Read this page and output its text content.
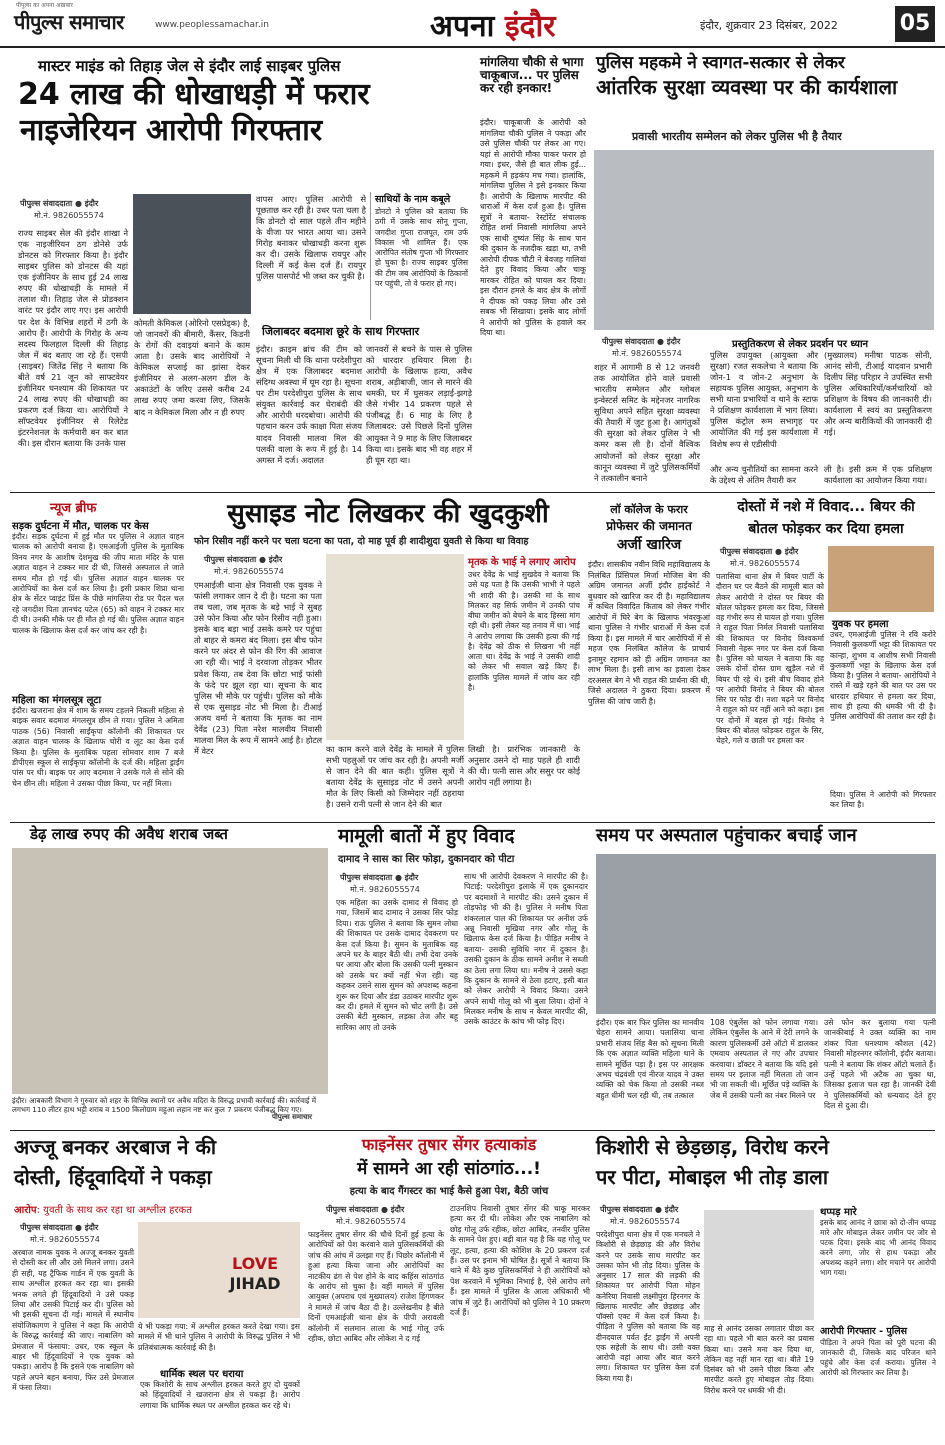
पीपुल्स का अपना अख़बार
पीपुल्स समाचार	www.peoplessamachar.in	अपना इंदौर	इंदौर, शुक्रवार 23 दिसंबर, 2022	05
मास्टर माइंड को तिहाड़ जेल से इंदौर लाई साइबर पुलिस
24 लाख की धोखाधड़ी में फरार
नाइजेरियन आरोपी गिरफ्तार
पीपुल्स संवाददाता ● इंदौर
मो.नं. 9826055574
राज्य साइबर सेल की इंदौर शाखा ने एक नाइजीरियन ठग डोनेसे उर्फ डोनटस को गिरफ्तार किया है। इंदौर साइबर पुलिस को डोनटस की यहां एक इंजीनियर के साथ हुई 24 लाख रुपए की धोखाधड़ी के मामले में तलाश थी। तिहाड़ जेल से प्रोडक्शन वारंट पर इंदौर लाए गए। इस आरोपी पर देश के विभिन्न शहरों में ठगी के आरोप हैं। आरोपी के गिरोह के अन्य सदस्य फिलहाल दिल्ली की तिहाड़ जेल में बंद बताए जा रहे हैं। एसपी (साइबर) जितेंद्र सिंह ने बताया कि बीते वर्ष 21 जून को साफ्टवेयर इंजीनियर घनश्याम की शिकायत पर 24 लाख रुपए की धोखाधड़ी का प्रकरण दर्ज किया था। आरोपियों ने सॉफ्टवेयर इंजीनियर से रिलेटेड इंटरनेशनल के कर्मचारी बन कर बात की। इस दौरान बताया कि उनके पास
कोमती केमिकल (ओरिनो एसप्रेड्क) है, जो जानवरों की बीमारी, कैंसर, किडनी के रोगों की दवाइयां बनाने के काम आता है। उसके बाद आरोपियों ने केमिकल सप्लाई का झांसा देकर इंजीनियर से अलग-अलग डील के अकाउंटों के जरिए उससे करीब 24 लाख रुपए जमा करवा लिए, जिसके बाद न केमिकल मिला और न ही रुपए
वापस आए। पुलिस आरोपी से पूछताछ कर रही है। उधर पता चला है कि डोनटो दो साल पहले तीन महीने के वीजा पर भारत आया था। उसने गिरोह बनाकर धोखाधड़ी करना शुरू कर दी। उसके खिलाफ रायपुर और दिल्ली में कई केस दर्ज हैं। रायपुर पुलिस पासपोर्ट भी जब्त कर चुकी है।
साथियों के नाम कबूले
डोनटो ने पुलिस को बताया कि ठगी में उसके साथ सोनू गुप्ता, जगदीश गुप्ता राजपूत, राम उर्फ विकास भी शामिल हैं। एक आरोपित संतोष गुप्ता भी गिरफ्तार हो चुका है। राज्य साइबर पुलिस की टीम जब आरोपियों के ठिकानों पर पहुंची, तो वे फरार हो गए।
जिलाबदर बदमाश छूरे के साथ गिरफ्तार
इंदौर। क्राइम ब्रांच की टीम को सूचना मिली थी कि थाना परदेशीपुरा क्षेत्र में एक जिलाबदर बदमाश संदिग्ध अवस्था में घूम रहा है। सूचना पर टीम परदेशीपुरा पुलिस के साथ संयुक्त कार्रवाई कर घेराबंदी की और आरोपी धरदबोचा। आरोपी की पहचान करन उर्फ काक्षा पिता संजय यादव निवासी मालवा मिल की पलकी वाला के रूप में हुई है। 14 अगस्त में दर्ज। अदालत
जानवरों से बचने के पास से पुलिस को धारदार हथियार मिला है। आरोपी के खिलाफ हत्या, अवैध शराब, अड़ीबाजी, जान से मारने की धमकी, घर में घुसकर लड़ाई-झगड़े जैसे गंभीर 14 प्रकरण पहले से पंजीबद्ध हैं। 6 माह के लिए है जिलाबदर: उसे पिछले दिनों पुलिस आयुक्त ने 9 माह के लिए जिलाबदर किया था। इसके बाद भी वह शहर में ही घूम रहा था।
मांगलिया चौकी से भागा चाकूबाज... पर पुलिस कर रही इनकार!
इंदौर। चाकूबाजी के आरोपी को मांगलिया चौकी पुलिस ने पकड़ा और उसे पुलिस चौकी पर लेकर आ गए। यहां से आरोपी मौका पाकर फरार हो गया। इधर, जैसे ही बात लीक हुई... महकमे में हड़कंप मच गया। हालांकि, मांगलिया पुलिस ने इसे इनकार किया है। आरोपी के खिलाफ मारपीट की धाराओं में केस दर्ज हुआ है। पुलिस सूत्रों ने बताया- रेस्टोरेंट संचालक रोहित शर्मा निवासी मांगलिया अपने एक साथी दुष्यंत सिंह के साथ पान की दुकान के नजदीक खड़ा था, तभी आरोपी दीपक चौटी ने बेवजह गालियां देते हुए विवाद किया और चाकू मारकर रोहित को घायल कर दिया। इस दौरान हमले के बाद क्षेत्र के लोगों ने दीपक को पकड़ लिया और उसे सबक भी सिखाया। इसके बाद लोगों ने आरोपी को पुलिस के हवाले कर दिया था।
पुलिस महकमे ने स्वागत-सत्कार से लेकर
आंतरिक सुरक्षा व्यवस्था पर की कार्यशाला
प्रवासी भारतीय सम्मेलन को लेकर पुलिस भी है तैयार
पीपुल्स संवाददाता ● इंदौर
मो.नं. 9826055574
शहर में आगामी 8 से 12 जनवरी तक आयोजित होने वाले प्रवासी भारतीय सम्मेलन और ग्लोबल इन्वेस्टर्स समिट के मद्देनजर नागरिक सुविधा अपने सहित सुरक्षा व्यवस्था की तैयारी में जुट हुआ है। आगंतुकों की सुरक्षा को लेकर पुलिस ने भी कमर कस ली है। दोनों वैश्विक आयोजनों को लेकर सुरक्षा और कानून व्यवस्था में जुटे पुलिसकर्मियों ने तत्कालीन बनाने
प्रस्तुतिकरण से लेकर प्रदर्शन पर ध्यान
पुलिस उपायुक्त (आयुक्ता और सुरक्षा) रजत सकलेचा ने बताया कि जोन-1 व जोन-2 अनुभाग के सहायक पुलिस आयुक्त, अनुभाग के सभी थाना प्रभारियों व थाने के स्टाफ ने प्रशिक्षण कार्यशाला में भाग लिया। पुलिस कंट्रोल रूम सभागृह पर आयोजित की गई इस कार्यशाला में विशेष रूप से एडीसीपी
(मुख्यालय) मनीषा पाठक सोनी, आनंद सोनी, टीआई यादवान प्रभारी दिलीप सिंह परिहार ने उपस्थित सभी पुलिस अधिकारियों/कर्मचारियों को प्रशिक्षण के विषय की जानकारी दी। कार्यशाला में स्वयं का प्रस्तुतिकरण और अन्य बारीकियों की जानकारी दी गई।
और अन्य चुनौतियों का सामना करने के उद्देश्य से अंतिम तैयारी कर
ली है। इसी क्रम में एक प्रशिक्षण कार्यशाला का आयोजन किया गया।
न्यूज ब्रीफ
सड़क दुर्घटना में मौत, चालक पर केस
इंदौर। सड़क दुर्घटना में हुई मौत पर पुलिस ने अज्ञात वाहन चालक को आरोपी बनाया है। एमआईजी पुलिस के मुताबिक विनय नगर के आशीष देशमुख की जीप माता मंदिर के पास अज्ञात वाहन ने टक्कर मार दी थी, जिससे अस्पताल ले जाते समय मौत हो गई थी। पुलिस अज्ञात वाहन चालक पर आरोपियों का केस दर्ज कर लिया है। इसी प्रकार शिप्रा थाना क्षेत्र के सेंटर प्वाइंट प्रिंस के पीछे मांगलिया रोड पर पैदल चल रहे जगदीश पिता ज्ञानचंद पटेल (65) को वाहन ने टक्कर मार दी थी। उनकी मौके पर ही मौत हो गई थी। पुलिस अज्ञात वाहन चालक के खिलाफ केस दर्ज कर जांच कर रही है।
महिला का मंगलसूत्र लूटा
इंदौर। खजराना क्षेत्र में शाम के समय टहलने निकली महिला से बाइक सवार बदमाश मंगलसूत्र छीन ले गया। पुलिस ने अमिता पाठक (56) निवासी साईंकृपा कॉलोनी की शिकायत पर अज्ञात वाहन चालक के खिलाफ चोरी व लूट का केस दर्ज किया है। पुलिस के मुताबिक पहला सोमवार शाम 7 बजे डीपीएस स्कूल से साईंकृपा कॉलोनी के दर्ज की। महिला ड्राईंग पांस पर थी। बाइक पर आए बदमाश ने उसके गले से सोने की चेन छीन ली। महिला ने उसका पीछा किया, पर नहीं मिला।
सुसाइड नोट लिखकर की खुदकुशी
फोन रिसीव नहीं करने पर चला घटना का पता, दो माह पूर्व ही शादीशुदा युवती से किया था विवाह
पीपुल्स संवाददाता ● इंदौर
मो.नं. 9826055574
एमआईजी थाना क्षेत्र निवासी एक युवक ने फांसी लगाकर जान दे दी है। घटना का पता तब चला, जब मृतक के बड़े भाई ने सुबह उसे फोन किया और फोन रिसीव नहीं हुआ। इसके बाद बड़ा भाई उसके कमरे पर पहुंचा तो बाहर से कमरा बंद मिला। इस बीच फोन करने पर अंदर से फोन की रिंग की आवाज आ रही थी। भाई ने दरवाजा तोड़कर भीतर प्रवेश किया, तब देवा कि छोटा भाई फांसी के फंदे पर झूल रहा था। सूचना के बाद पुलिस भी मौके पर पहुंची। पुलिस को मौके से एक सुसाइड नोट भी मिला है। टीआई अजय वर्मा ने बताया कि मृतक का नाम देवेंद्र (23) पिता नरेश मालवीय निवासी मालवा मिल के रूप में सामने आई है। होटल में वेटर
मृतक के भाई ने लगाए आरोप
उधर देवेंद्र के भाई सुखदेव ने बताया कि उसे यह पता है कि उसकी भाभी ने पहले भी शादी की है। उसकी मां के साथ मिलकर वह सिर्फ जमीन में उनकी पांच बीघा जमीन को बेचने के बाद हिस्सा मांग रही थी। इसी लेकर यह तनाव में था। भाई ने आरोप लगाया कि उसकी हत्या की गई है। देवेंद्र को ठीक से लिखना भी नहीं आता था। देवेंद्र के भाई ने उसकी शादी को लेकर भी सवाल खड़े किए हैं। हालांकि पुलिस मामले में जांच कर रही है।
का काम करने वाले देवेंद्र के मामले में पुलिस सभी पहलुओं पर जांच कर रही है। अपनी मर्जी से जान देने की बात कही। पुलिस सूत्रों ने बताया देवेंद्र के सुसाइड नोट में उसने अपनी मौत के लिए किसी को जिम्मेदार नहीं ठहराया है। उसने रानी पत्नी से जान देने की बात
लिखी है। प्रारंभिक जानकारी के अनुसार उसने दो माह पहले ही शादी की थी। पत्नी सास और ससुर पर कोई आरोप नहीं लगाया है।
लॉ कॉलेज के फरार
प्रोफेसर की जमानत
अर्जी खारिज
इंदौर। शासकीय नवीन विधि महाविद्यालय के निलंबित प्रिंसिपल मिर्जा मोजिस बेग की अग्रिम जमानत अर्जी इंदौर हाईकोर्ट ने बुधवार को खारिज कर दी है। महाविद्यालय में कथित विवादित किताब को लेकर गंभीर आरोपों में घिरे बेग के खिलाफ भंवरकुआं थाना पुलिस ने गंभीर धाराओं में केस दर्ज किया है। इस मामले में चार आरोपियों में से महज एक निलंबित कॉलेज के प्राचार्य इनामुर रहमान को ही अग्रिम जमानत का लाभ मिला है। इसी लाभ का हवाला देकर दरअसल बेग ने भी राहत की प्रार्थना की थी, जिसे अदालत ने ठुकरा दिया। प्रकरण में पुलिस की जांच जारी है।
दोस्तों में नशे में विवाद... बियर की
बोतल फोड़कर कर दिया हमला
पीपुल्स संवाददाता ● इंदौर
मो.नं. 9826055574
पलासिया थाना क्षेत्र में बियर पार्टी के दौरान घर पर बैठने की मामूली बात को लेकर आरोपी ने दोस्त पर बियर की बोतल फोड़कर हमला कर दिया, जिससे वह गंभीर रूप से घायल हो गया। पुलिस ने राहुल पिता निर्मल निवासी पलासिया की शिकायत पर विनोद विश्वकर्मा निवासी नेहरू नगर पर केस दर्ज किया है। पुलिस को घायल ने बताया कि वह उसके दोनों दोस्त ग्राम खुड़ैल नशे में बियर पी रहे थे। इसी बीच विवाद होने पर आरोपी विनोद ने बियर की बोतल सिर पर फोड़ दी। नशा चढ़ने पर विनोद ने राहुल को घर नहीं आने को कहा। इस पर दोनों में बहस हो गई। विनोद ने बियर की बोतल फोड़कर राहुल के सिर, चेहरे, गले व छाती पर हमला कर
युवक पर हमला
उधर, एमआईजी पुलिस ने रवि करोरे निवासी कुलकर्णी भट्टा की शिकायत पर कान्हा, शुभम व आशीष सभी निवासी कुलकर्णी भट्टा के खिलाफ केस दर्ज किया है। पुलिस ने बताया- आरोपियों ने रास्ते में खड़े रहने की बात पर उस पर धारदार हथियार से हमला कर दिया, साथ ही हत्या की धमकी भी दी है। पुलिस आरोपियों की तलाश कर रही है।
दिया। पुलिस ने आरोपी को गिरफ्तार कर लिया है।
डेढ़ लाख रुपए की अवैध शराब जब्त
इंदौर। आबकारी विभाग ने गुरुवार को शहर के विभिन्न स्थानों पर अवैध मदिरा के विरुद्ध प्रभावी कार्रवाई की। कार्रवाई में लगभग 110 लीटर हाथ भट्टी शराब व 1500 किलोग्राम महुआ लहान नष्ट कर कुल 7 प्रकरण पंजीबद्ध किए गए।
पीपुल्स समाचार
मामूली बातों में हुए विवाद
दामाद ने सास का सिर फोड़ा, दुकानदार को पीटा
पीपुल्स संवाददाता ● इंदौर
मो.नं. 9826055574
एक महिला का उसके दामाद से विवाद हो गया, जिसमें बाद दामाद ने उसका सिर फोड़ दिया। राऊ पुलिस ने बताया कि सुमन लोधा की शिकायत पर उसके दामाद देवकरण पर केस दर्ज किया है। सुमन के मुताबिक वह अपने घर के बाहर बैठी थी। तभी देवा उनके घर आया और बोला कि उसकी पत्नी मुस्कान को उसके घर क्यों नहीं भेज रही। यह कहकर उसने सास सुमन को अपशब्द कहना शुरू कर दिया और डंडा उठाकर मारपीट शुरू कर दी। हमले में सुमन को चोट लगी है। उसे उसकी बेटी मुस्कान, लड़का तेज और बहू सारिका आए तो उनके
साथ भी आरोपी देवकरण ने मारपीट की है। पिटाई: परदेशीपुरा इलाके में एक दुकानदार पर बदमाशों ने मारपीट की। उसने दुकान में तोड़फोड़ भी की है। पुलिस ने मनीष पिता शंकरलाल पाल की शिकायत पर अनीश उर्फ अन्नू निवासी मुखिया नगर और गोलू के खिलाफ केस दर्ज किया है। पीड़ित मनीष ने बताया- उसकी सुविधि नगर में दुकान है। उसकी दुकान के ठीक सामने अनीश ने सब्जी का ठेला लगा लिया था। मनीष ने उससे कहा कि दुकान के सामने से ठेला हटाए, इसी बात को लेकर आरोपी ने विवाद किया। उसने अपने साथी गोलू को भी बुला लिया। दोनों ने मिलकर मनीष के साथ न केवल मारपीट की, उसके काउंटर के कांच भी फोड़ दिए।
समय पर अस्पताल पहुंचाकर बचाई जान
इंदौर। एक बार फिर पुलिस का मानवीय चेहरा सामने आया। पलासिया थाना प्रभारी संजय सिंह बैस को सूचना मिली कि एक अज्ञात व्यक्ति महिला थाने के सामने मूर्छित पड़ा है। इस पर आरक्षक अभय चंद्रवंशी एवं नीरज यादव ने उक्त व्यक्ति को चेक किया तो उसकी नब्ज बहुत धीमी चल रही थी, तब तत्काल
108 एंबुलेंस को फोन लगाया गया। लेकिन एंबुलेंस के आने में देरी लगने के कारण पुलिसकर्मी उसे ऑटो में डालकर एमवाय अस्पताल ले गए और उपचार करवाया। डॉक्टर ने बताया कि यदि इसे समय पर इलाज नहीं मिलता तो जान भी जा सकती थी। मूर्छित पड़े व्यक्ति के जेब में उसकी पत्नी का नंबर मिलने पर
उसे फोन कर बुलाया गया पत्नी जानकीबाई ने उक्त व्यक्ति का नाम शंकर पिता धनश्याम कौशल (42) निवासी मोहरनगर कॉलोनी, इंदौर बताया। पत्नी ने बताया कि शंकर ऑटो चलाते हैं। उन्हें पहले भी अटैक आ चुका था, जिसका इलाज चल रहा है। जानकी देवी ने पुलिसकर्मियों को धन्यवाद देते हुए दिल से दुआ दी।
अज्जू बनकर अरबाज ने की
दोस्ती, हिंदूवादियों ने पकड़ा
आरोप: युवती के साथ कर रहा था अश्लील हरकत
पीपुल्स संवाददाता ● इंदौर
मो.नं. 9826055574
अरबाज नामक युवक ने अज्जू बनकर युवती से दोस्ती कर ली और उसे मिलने लगा। उसने ही सही, यह ट्रैफिक गार्डन में एक युवती के साथ अश्लील हरकत कर रहा था। इसकी भनक लगते ही हिंदूवादियों ने उसे पकड़ लिया और उसकी पिटाई कर दी। पुलिस को भी इसकी सूचना दी गई। मामले में स्थानीय संयोजिकागण ने पुलिस ने कहा कि आरोपी के विरुद्ध कार्रवाई की जाए। नाबालिग को प्रेमजाल में फंसाया: उधर, एक स्कूल के बाहर भी हिंदूवादियों ने एक युवक को पकड़ा। आरोप है कि इसने एक नाबालिग को पहले अपने बहन बनाया, फिर उसे प्रेमजाल में फंसा लिया।
LOVE
JIHAD
ये भी पकड़ा गया: में अश्लील हरकत करते देखा गया। इस मामले में भी थाने पुलिस ने आरोपी के विरुद्ध पुलिस ने भी प्रतिबंधात्मक कार्रवाई की है।
धार्मिक स्थल पर धराया
एक किशोरी के साथ अश्लील हरकत करते हुए दो युवकों को हिंदूवादियों ने खजराना क्षेत्र से पकड़ा है। आरोप लगाया कि धार्मिक स्थल पर अश्लील हरकत कर रहे थे।
फाइनेंसर तुषार सेंगर हत्याकांड
में सामने आ रही सांठगांठ...!
हत्या के बाद गैंगस्टर का भाई कैसे हुआ पेश, बैठी जांच
पीपुल्स संवाददाता ● इंदौर
मो.नं. 9826055574
फाइनेंसर तुषार सेंगर की चौथे दिनों हुई हत्या के आरोपियों को पेश करवाने वाले पुलिसकर्मियों की जांच की आंच में उलझा गए हैं। पिछोर कॉलोनी में हुआ हत्या किया जाना और आरोपियों का नाटकीय ढंग से पेश होने के बाद कहिंस सांठगांठ के आरोप सो चुका है। वहीं मामले में पुलिस आयुक्त (अपराध एवं मुख्यालय) राजेश हिंगणकर ने मामले में जांच बैठा दी है। उल्लेखनीय है बीते दिनों एमआईजी थाना क्षेत्र के पीपी अरावली कॉलोनी में सलमान लाला के भाई गोलू उर्फ रहीक, छोटा आबिद और लोकेश ने द गई
टाउनशिप निवासी तुषार सेंगर की चाकू मारकर हत्या कर दी थी। लोकेश और एक नाबालिग को छोड़ गोलू उर्फ रहीक, छोटा आबिद, तनवीर पुलिस के सामने पेश हुए। बड़ी बात यह है कि यह गोलू पर लूट, हत्या, हत्या की कोशिश के 20 प्रकरण दर्ज हैं। उस पर इनाम भी घोषित है। सूत्रों ने बताया कि थाने में बैठे कुछ पुलिसकर्मियों ने ही आरोपियों को पेश करवाने में भूमिका निभाई है, ऐसे आरोप लगे हैं। इस मामले में पुलिस के आला अधिकारी भी जांच में जुटे हैं। आरोपियों को पुलिस ने 10 प्रकरण दर्ज हैं।
किशोरी से छेड़छाड़, विरोध करने
पर पीटा, मोबाइल भी तोड़ डाला
पीपुल्स संवाददाता ● इंदौर
मो.नं. 9826055574
परदेशीपुरा थाना क्षेत्र में एक मनचले ने किशोरी से छेड़छाड़ की और विरोध करने पर उसके साथ मारपीट कर उसका फोन भी तोड़ दिया। पुलिस के अनुसार 17 साल की लड़की की शिकायत पर आरोपी पिता मोहन कनेरिया निवासी लक्ष्मीपुरा हिरनगर के खिलाफ मारपीट और छेड़छाड़ और पॉक्सो एक्ट में केस दर्ज किया है। पीड़िता ने पुलिस को बताया कि वह दीनदयाल पर्वत ईंट ड्राईंग में अपनी एक सहेली के साथ थी। उसी वक्त आरोपी वहां आया और बात करने लगा। शिकायत पर पुलिस केस दर्ज किया गया है।
माह से आनंद उसका लगातार पीछा कर रहा था। पहले भी बात करने का प्रयास किया था। उसने मना कर दिया था, लेकिन वह नहीं मान रहा था। बीते 19 दिसंबर को भी उसने पीछा किया और मारपीट करते हुए मोबाइल तोड़ दिया। विरोध करने पर धमकी भी दी।
थप्पड़ मारे
इसके बाद आनंद ने छात्रा को दो-तीन थप्पड़ मारे और मोबाइल लेकर जमीन पर जोर से पटक दिया। इसके बाद भी आनंद विवाद करने लगा, जोर से हाथ पकड़ा और अपशब्द कहने लगा। शोर मचाने पर आरोपी भाग गया।
आरोपी गिरफ्तार - पुलिस
पीड़िता ने अपने पिता को पूरी घटना की जानकारी दी, जिसके बाद परिजन थाने पहुंचे और केस दर्ज कराया। पुलिस ने आरोपी को गिरफ्तार कर लिया है।
